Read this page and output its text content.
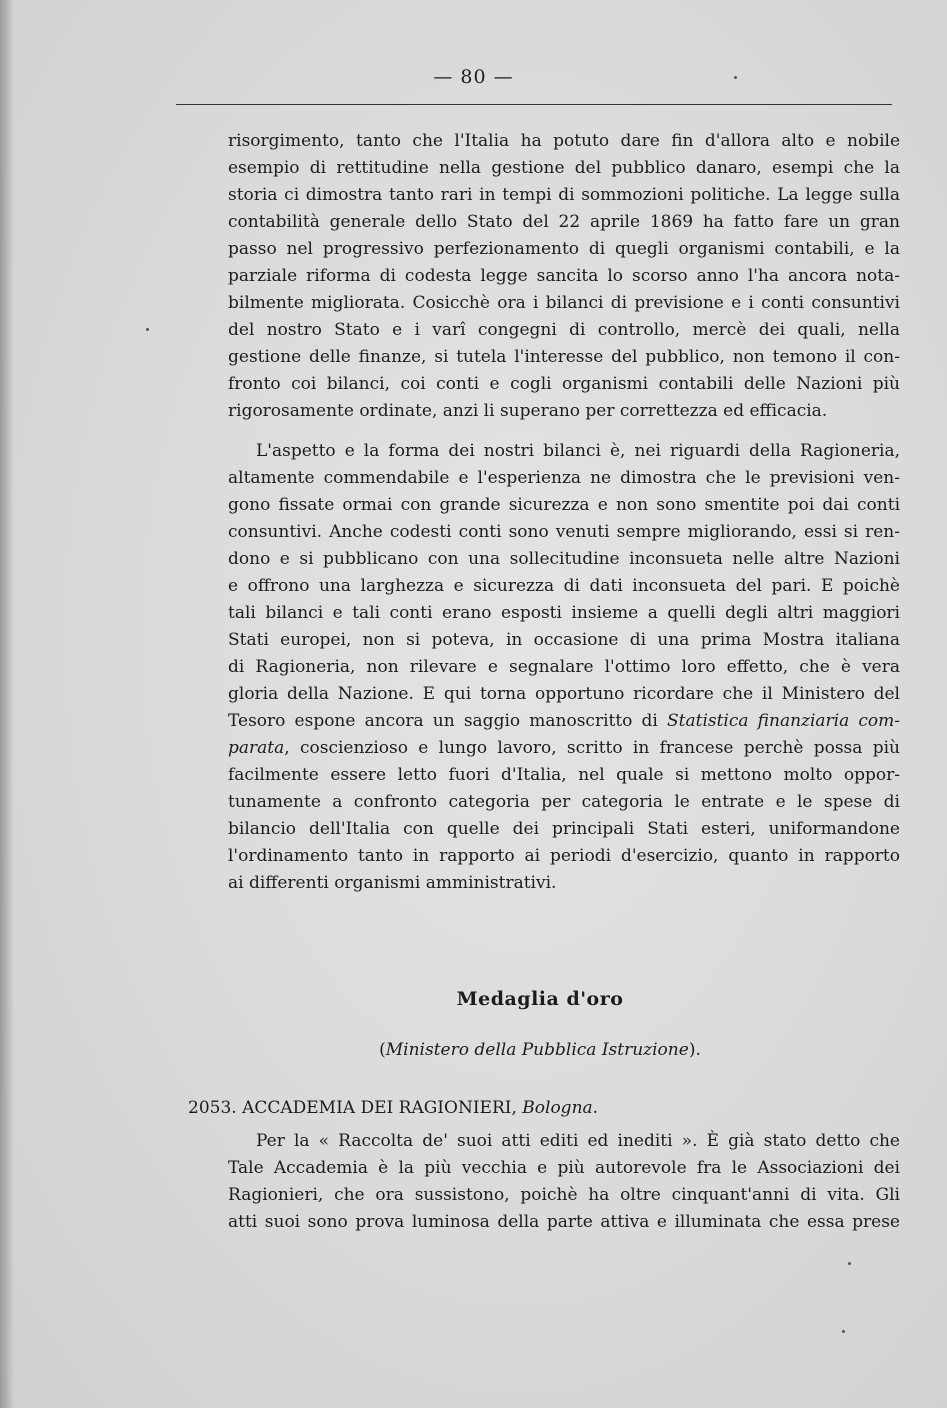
— 80 —
risorgimento, tanto che l'Italia ha potuto dare fin d'allora alto e nobile
esempio di rettitudine nella gestione del pubblico danaro, esempi che la
storia ci dimostra tanto rari in tempi di sommozioni politiche. La legge sulla
contabilità generale dello Stato del 22 aprile 1869 ha fatto fare un gran
passo nel progressivo perfezionamento di quegli organismi contabili, e la
parziale riforma di codesta legge sancita lo scorso anno l'ha ancora nota-
bilmente migliorata. Cosicchè ora i bilanci di previsione e i conti consuntivi
del nostro Stato e i varî congegni di controllo, mercè dei quali, nella
gestione delle finanze, si tutela l'interesse del pubblico, non temono il con-
fronto coi bilanci, coi conti e cogli organismi contabili delle Nazioni più
rigorosamente ordinate, anzi li superano per correttezza ed efficacia.
L'aspetto e la forma dei nostri bilanci è, nei riguardi della Ragioneria,
altamente commendabile e l'esperienza ne dimostra che le previsioni ven-
gono fissate ormai con grande sicurezza e non sono smentite poi dai conti
consuntivi. Anche codesti conti sono venuti sempre migliorando, essi si ren-
dono e si pubblicano con una sollecitudine inconsueta nelle altre Nazioni
e offrono una larghezza e sicurezza di dati inconsueta del pari. E poichè
tali bilanci e tali conti erano esposti insieme a quelli degli altri maggiori
Stati europei, non si poteva, in occasione di una prima Mostra italiana
di Ragioneria, non rilevare e segnalare l'ottimo loro effetto, che è vera
gloria della Nazione. E qui torna opportuno ricordare che il Ministero del
Tesoro espone ancora un saggio manoscritto di Statistica finanziaria com-
parata, coscienzioso e lungo lavoro, scritto in francese perchè possa più
facilmente essere letto fuori d'Italia, nel quale si mettono molto oppor-
tunamente a confronto categoria per categoria le entrate e le spese di
bilancio dell'Italia con quelle dei principali Stati esteri, uniformandone
l'ordinamento tanto in rapporto ai periodi d'esercizio, quanto in rapporto
ai differenti organismi amministrativi.
Medaglia d'oro
(Ministero della Pubblica Istruzione).
2053. ACCADEMIA DEI RAGIONIERI, Bologna.
Per la « Raccolta de' suoi atti editi ed inediti ». È già stato detto che
Tale Accademia è la più vecchia e più autorevole fra le Associazioni dei
Ragionieri, che ora sussistono, poichè ha oltre cinquant'anni di vita. Gli
atti suoi sono prova luminosa della parte attiva e illuminata che essa prese
